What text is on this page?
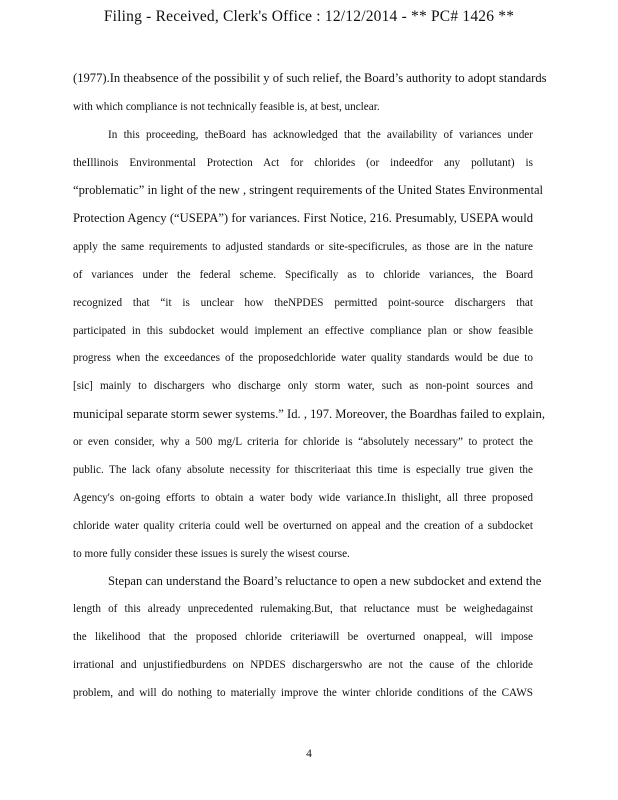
Filing - Received, Clerk's Office : 12/12/2014 - ** PC# 1426 **
(1977).In theabsence of the possibilit y of such relief, the Board’s authority to adopt standards
with which compliance is not technically feasible is, at best, unclear.
In this proceeding, theBoard has acknowledged that the availability of variances under
theIllinois Environmental Protection Act for chlorides (or indeedfor any pollutant) is
“problematic” in light of the new , stringent requirements of the United States Environmental
Protection Agency (“USEPA”) for variances. First Notice, 216. Presumably, USEPA would
apply the same requirements to adjusted standards or site-specificrules, as those are in the nature
of variances under the federal scheme. Specifically as to chloride variances, the Board
recognized that “it is unclear how theNPDES permitted point-source dischargers that
participated in this subdocket would implement an effective compliance plan or show feasible
progress when the exceedances of the proposedchloride water quality standards would be due to
[sic] mainly to dischargers who discharge only storm water, such as non-point sources and
municipal separate storm sewer systems.” Id. , 197. Moreover, the Boardhas failed to explain,
or even consider, why a 500 mg/L criteria for chloride is “absolutely necessary” to protect the
public. The lack ofany absolute necessity for thiscriteriaat this time is especially true given the
Agency's on-going efforts to obtain a water body wide variance.In thislight, all three proposed
chloride water quality criteria could well be overturned on appeal and the creation of a subdocket
to more fully consider these issues is surely the wisest course.
Stepan can understand the Board’s reluctance to open a new subdocket and extend the
length of this already unprecedented rulemaking.But, that reluctance must be weighedagainst
the likelihood that the proposed chloride criteriawill be overturned onappeal, will impose
irrational and unjustifiedburdens on NPDES dischargerswho are not the cause of the chloride
problem, and will do nothing to materially improve the winter chloride conditions of the CAWS
4
